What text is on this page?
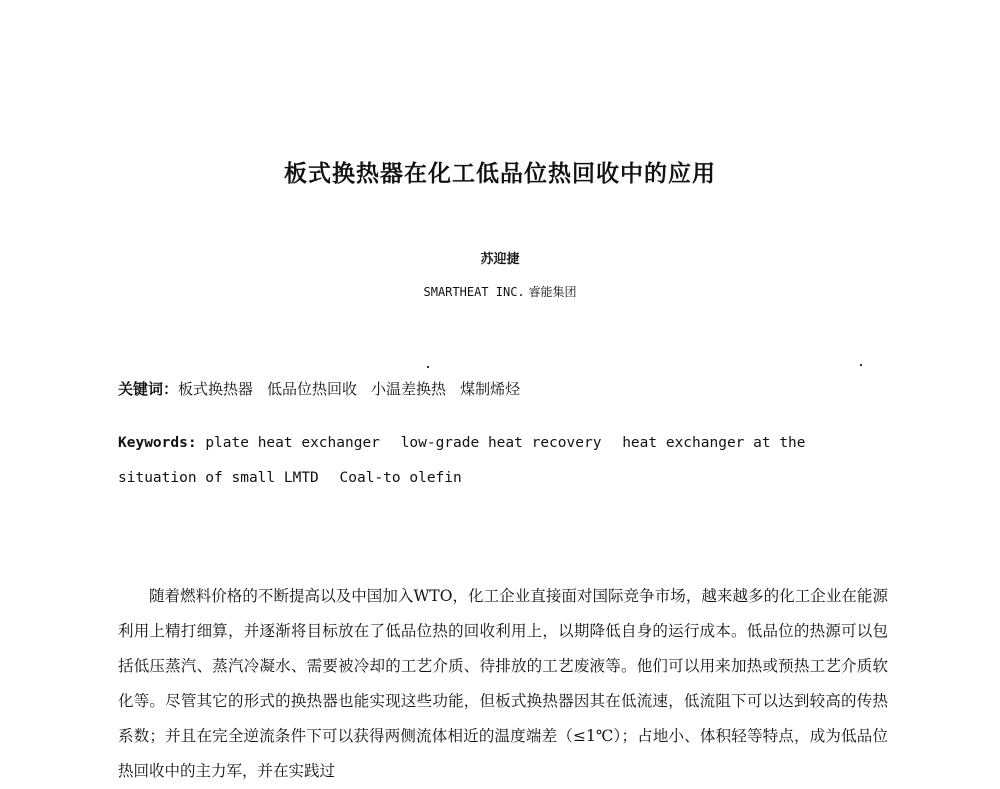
板式换热器在化工低品位热回收中的应用
苏迎捷
SMARTHEAT INC. 睿能集团
关键词：板式换热器 低品位热回收 小温差换热 煤制烯烃
Keywords: plate heat exchanger low-grade heat recovery heat exchanger at the situation of small LMTD Coal-to olefin

随着燃料价格的不断提高以及中国加入WTO，化工企业直接面对国际竞争市场，越来越多的化工企业在能源利用上精打细算，并逐渐将目标放在了低品位热的回收利用上，以期降低自身的运行成本。低品位的热源可以包括低压蒸汽、蒸汽冷凝水、需要被冷却的工艺介质、待排放的工艺废液等。他们可以用来加热或预热工艺介质软化等。尽管其它的形式的换热器也能实现这些功能，但板式换热器因其在低流速，低流阻下可以达到较高的传热系数；并且在完全逆流条件下可以获得两侧流体相近的温度端差（≤1℃）；占地小、体积轻等特点，成为低品位热回收中的主力军，并在实践过
